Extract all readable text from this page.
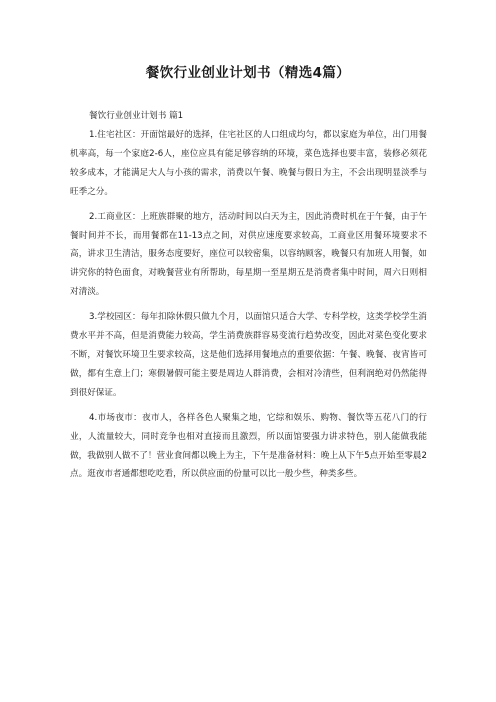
餐饮行业创业计划书（精选4篇）

餐饮行业创业计划书 篇1

1.住宅社区：开面馆最好的选择，住宅社区的人口组成均匀，都以家庭为单位，出门用餐机率高，每一个家庭2-6人，座位应具有能足够容纳的环境，菜色选择也要丰富，装修必须花较多成本，才能满足大人与小孩的需求，消费以午餐、晚餐与假日为主，不会出现明显淡季与旺季之分。

2.工商业区：上班族群聚的地方，活动时间以白天为主，因此消费时机在于午餐，由于午餐时间并不长，而用餐都在11-13点之间，对供应速度要求较高，工商业区用餐环境要求不高，讲求卫生清洁，服务态度要好，座位可以较密集，以容纳顾客，晚餐只有加班人用餐，如讲究你的特色面食，对晚餐营业有所帮助，每星期一至星期五是消费者集中时间，周六日则相对清淡。

3.学校园区：每年扣除休假只做九个月，以面馆只适合大学、专科学校，这类学校学生消费水平并不高，但是消费能力较高，学生消费族群容易变流行趋势改变，因此对菜色变化要求不断，对餐饮环境卫生要求较高，这是他们选择用餐地点的重要依据：午餐、晚餐、夜宵皆可做，都有生意上门；寒假暑假可能主要是周边人群消费，会相对冷清些，但利润绝对仍然能得到很好保证。

4.市场夜市：夜市人，各样各色人聚集之地，它综和娱乐、购物、餐饮等五花八门的行业，人流量较大，同时竞争也相对直接而且激烈，所以面馆要强力讲求特色，别人能做我能做，我做别人做不了！营业食间都以晚上为主，下午是准备材料：晚上从下午5点开始至零晨2点。逛夜市者通都想吃吃看，所以供应面的份量可以比一般少些，种类多些。
